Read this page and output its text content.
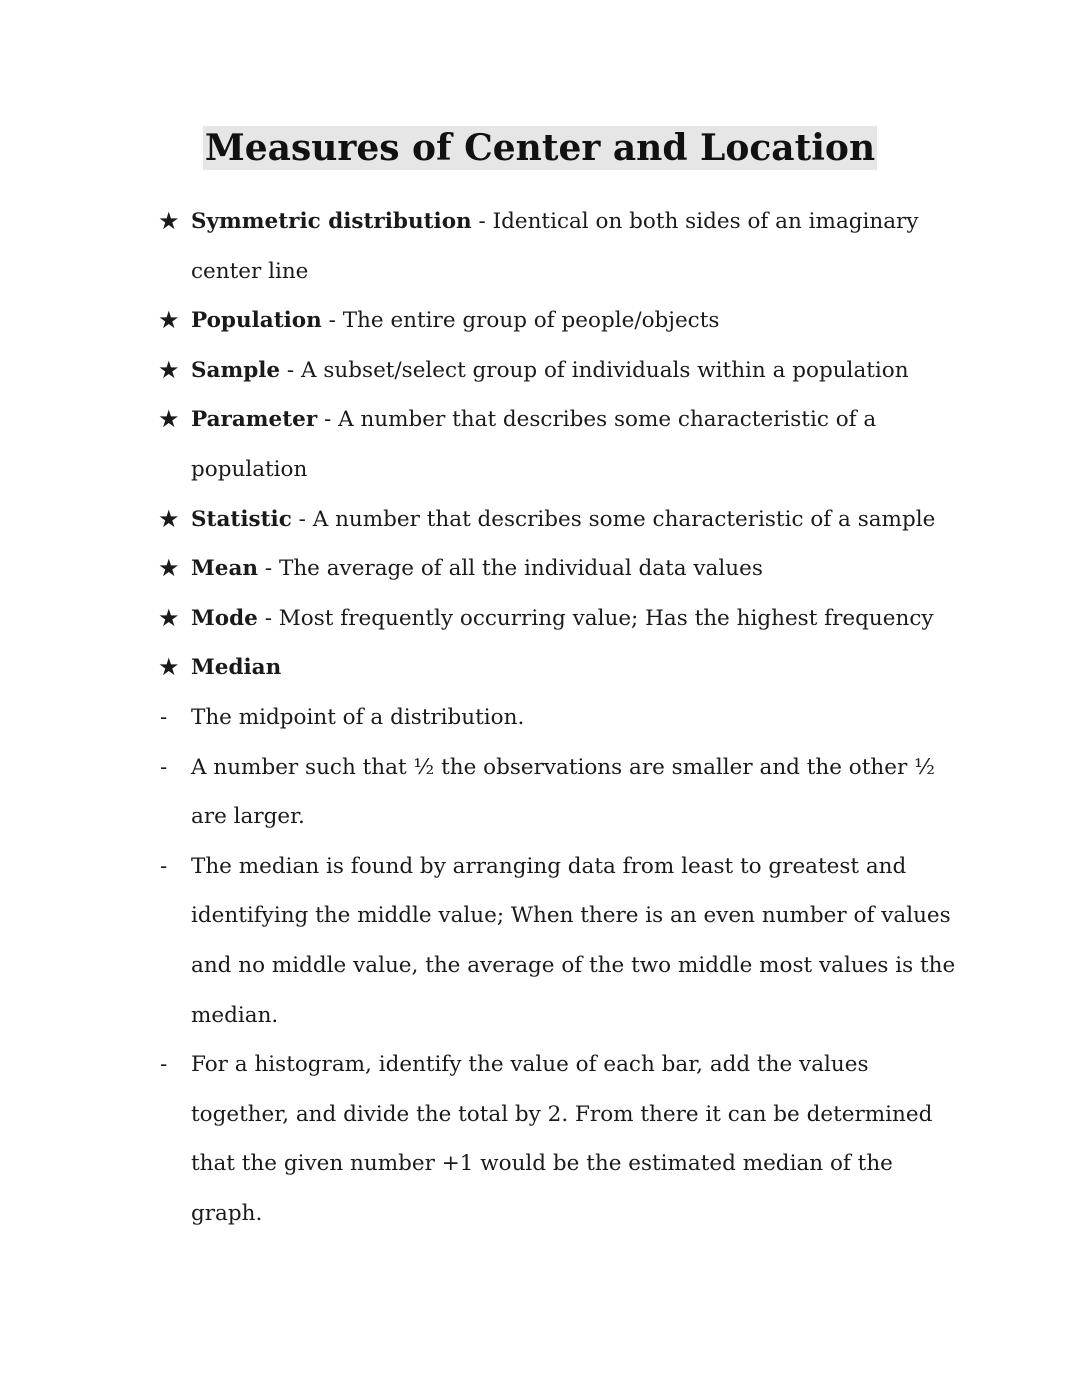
Measures of Center and Location
★ Symmetric distribution - Identical on both sides of an imaginary center line
★ Population - The entire group of people/objects
★ Sample - A subset/select group of individuals within a population
★ Parameter - A number that describes some characteristic of a population
★ Statistic - A number that describes some characteristic of a sample
★ Mean - The average of all the individual data values
★ Mode - Most frequently occurring value; Has the highest frequency
★ Median
- The midpoint of a distribution.
- A number such that ½ the observations are smaller and the other ½ are larger.
- The median is found by arranging data from least to greatest and identifying the middle value; When there is an even number of values and no middle value, the average of the two middle most values is the median.
- For a histogram, identify the value of each bar, add the values together, and divide the total by 2. From there it can be determined that the given number +1 would be the estimated median of the graph.
